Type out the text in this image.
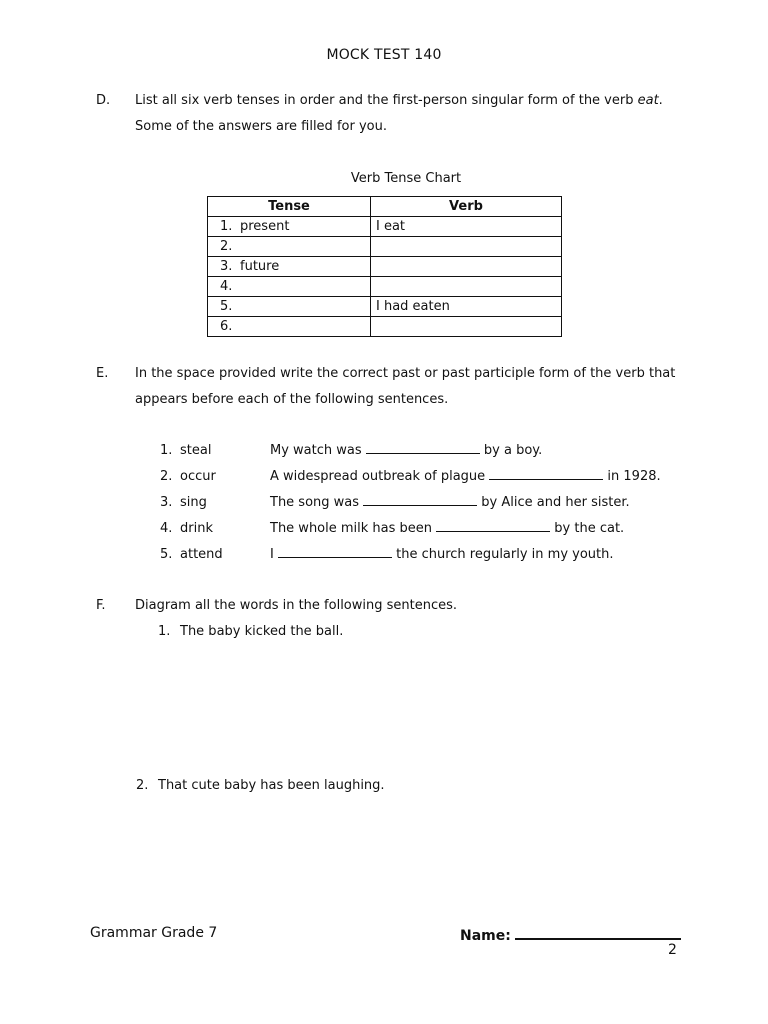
MOCK TEST 140
D. List all six verb tenses in order and the first-person singular form of the verb eat. Some of the answers are filled for you.
Verb Tense Chart
Tense	Verb
1. present	I eat
2.	
3. future	
4.	
5.	I had eaten
6.	
E. In the space provided write the correct past or past participle form of the verb that appears before each of the following sentences.
1. steal	My watch was	by a boy.
2. occur	A widespread outbreak of plague	in 1928.
3. sing	The song was	by Alice and her sister.
4. drink	The whole milk has been	by the cat.
5. attend	I	the church regularly in my youth.
F. Diagram all the words in the following sentences.
1. The baby kicked the ball.
2. That cute baby has been laughing.
Grammar Grade 7	Name:
2
